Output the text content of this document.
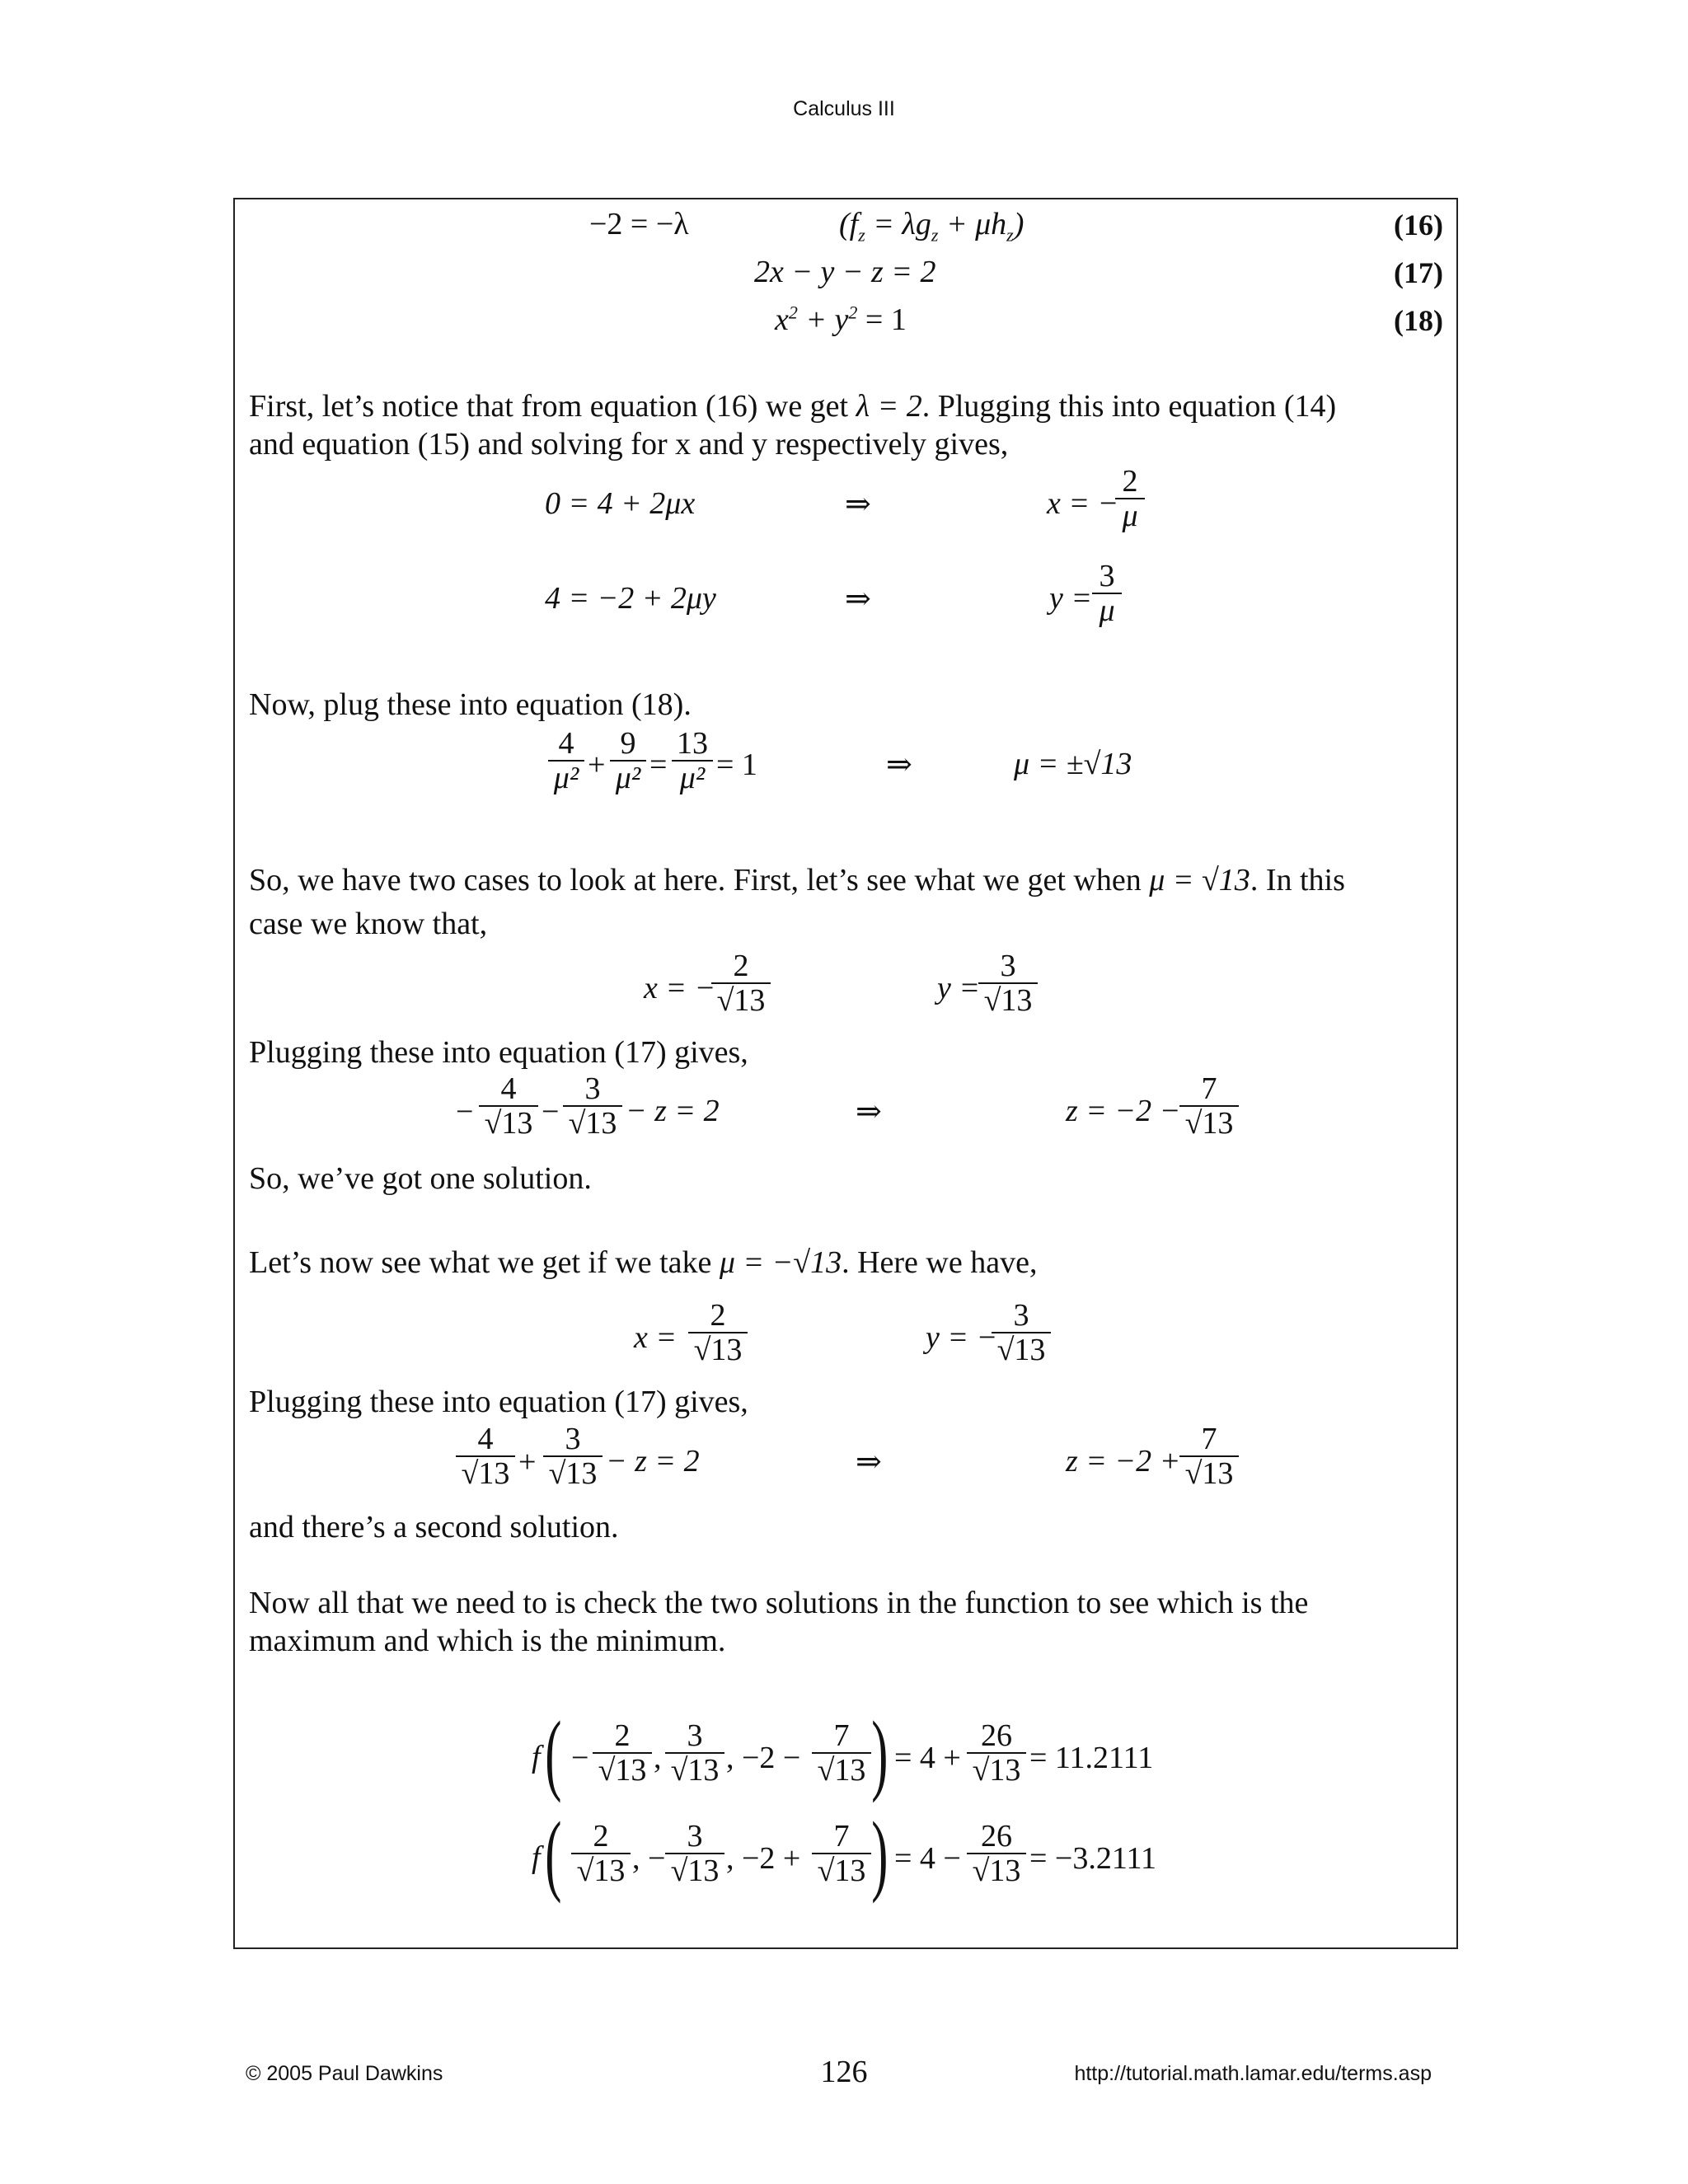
Calculus III
−2 = −λ	$(f_z = \lambda g_z + \mu h_z)$	(16)
2x − y − z = 2	(17)
$x^2 + y^2 = 1$	(18)
First, let’s notice that from equation (16) we get λ = 2. Plugging this into equation (14)
and equation (15) and solving for x and y respectively gives,
0 = 4 + 2μx	⇒	x = −
$\frac{2}{\mu}$
4 = −2 + 2μy	⇒	$y = \frac{3}{\mu}$
Now, plug these into equation (18).
$\frac{4}{\text{μ²}} + \frac{9}{\text{μ²}} = \frac{13}{\text{μ²}} = 1$	⇒	μ = ±√13
So, we have two cases to look at here. First, let’s see what we get when μ = √13. In this
case we know that,
x = −
$\frac{2}{√13}$	y =
$\frac{3}{√13}$
Plugging these into equation (17) gives,
− $\frac{4}{√13} - \frac{3}{√13} - z = 2$	⇒	z = −2 −
$\frac{7}{√13}$
So, we’ve got one solution.
Let’s now see what we get if we take μ = −√13. Here we have,
$x = \frac{2}{√13}$	y = −
$\frac{3}{√13}$
Plugging these into equation (17) gives,
$\frac{4}{√13} + \frac{3}{√13} - z = 2$	⇒	z = −2 +
$\frac{7}{√13}$
and there’s a second solution.
Now all that we need to is check the two solutions in the function to see which is the
maximum and which is the minimum.
f ( − $\frac{2}{√13}$ , $\frac{3}{√13}$ , $-2 - \frac{7}{√13}$ ) = $4 + \frac{26}{√13} = 11.2111$
f ( $\frac{2}{√13}$ , − $\frac{3}{√13}$ , $-2 + \frac{7}{√13}$ ) = $4 - \frac{26}{√13} = -3.2111$
© 2005 Paul Dawkins	126	http://tutorial.math.lamar.edu/terms.asp
